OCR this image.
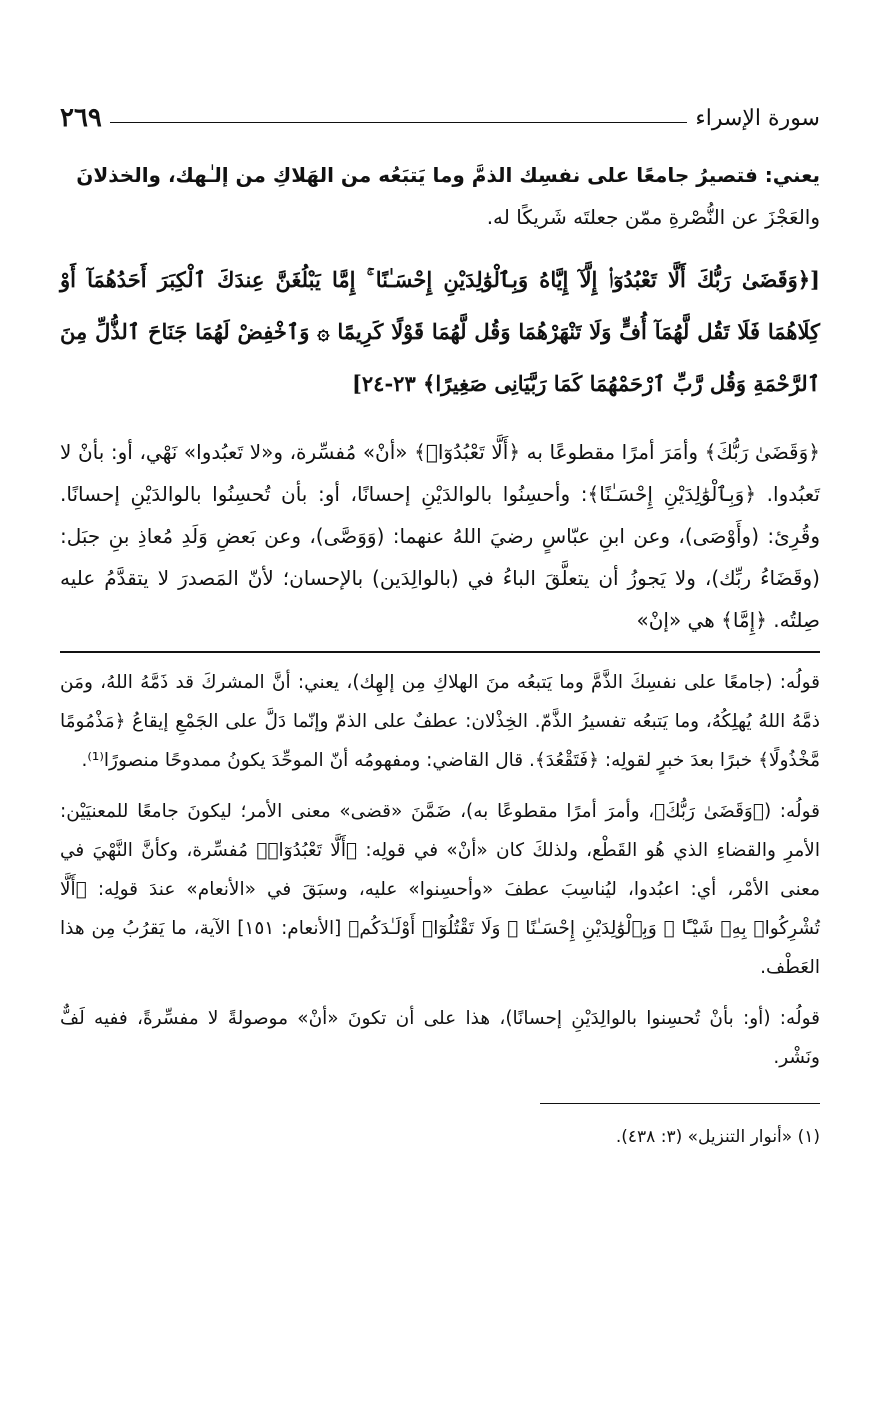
سورة الإسراء
٢٦٩

يعني: فتصيرُ جامعًا على نفسِك الذمَّ وما يَتبَعُه من الهَلاكِ من إلـٰهك، والخذلانَ
والعَجْزَ عن النُّصْرةِ ممّن جعلتَه شَريكًا له.

[﴿وَقَضَىٰ رَبُّكَ أَلَّا تَعْبُدُوٓا۟ إِلَّآ إِيَّاهُ وَبِٱلْوَٰلِدَيْنِ إِحْسَـٰنًا ۚ إِمَّا يَبْلُغَنَّ عِندَكَ ٱلْكِبَرَ أَحَدُهُمَآ أَوْ كِلَاهُمَا فَلَا تَقُل لَّهُمَآ أُفٍّ وَلَا تَنْهَرْهُمَا وَقُل لَّهُمَا قَوْلًا كَرِيمًا ۞ وَٱخْفِضْ لَهُمَا جَنَاحَ ٱلذُّلِّ مِنَ ٱلرَّحْمَةِ وَقُل رَّبِّ ٱرْحَمْهُمَا كَمَا رَبَّيَانِى صَغِيرًا﴾ ٢٣-٢٤]

﴿وَقَضَىٰ رَبُّكَ﴾ وأمَرَ أمرًا مقطوعًا به ﴿أَلَّا تَعْبُدُوٓا۟﴾ «أنْ» مُفسِّرة، و«لا تَعبُدوا» نَهْي، أو: بأنْ لا تَعبُدوا. ﴿وَبِٱلْوَٰلِدَيْنِ إِحْسَـٰنًا﴾: وأحسِنُوا بالوالدَيْنِ إحسانًا، أو: بأن تُحسِنُوا بالوالدَيْنِ إحسانًا. وقُرِئ: (وأَوْصَى)، وعن ابنِ عبّاسٍ رضيَ اللهُ عنهما: (وَوَصَّى)، وعن بَعضِ وَلَدِ مُعاذِ بنِ جبَل: (وقَضَاءُ ربِّك)، ولا يَجوزُ أن يتعلَّقَ الباءُ في (بالوالِدَين) بالإحسان؛ لأنّ المَصدرَ لا يتقدَّمُ عليه صِلتُه. ﴿إِمَّا﴾ هي «إنْ»

قولُه: (جامعًا على نفسِكَ الذَّمَّ وما يَتبعُه منَ الهلاكِ مِن إلهِك)، يعني: أنَّ المشركَ قد ذَمَّهُ اللهُ، ومَن ذمَّهُ اللهُ يُهلِكُهُ، وما يَتبعُه تفسيرُ الذَّمّ. الخِذْلان: عطفٌ على الذمّ وإنّما دَلَّ على الجَمْعِ إيقاعُ ﴿مَذْمُومًا مَّخْذُولًا﴾ خبرًا بعدَ خبرٍ لقولِه: ﴿فَتَقْعُدَ﴾. قال القاضي: ومفهومُه أنّ الموحِّدَ يكونُ ممدوحًا منصورًا⁽¹⁾.

قولُه: (﴿وَقَضَىٰ رَبُّكَ﴾، وأمرَ أمرًا مقطوعًا به)، ضَمَّنَ «قضى» معنى الأمر؛ ليكونَ جامعًا للمعنيَيْن: الأمرِ والقضاءِ الذي هُو القَطْع، ولذلكَ كان «أنْ» في قولِه: ﴿أَلَّا تَعْبُدُوٓا۟﴾ مُفسِّرة، وكأنَّ النَّهْيَ في معنى الأمْر، أي: اعبُدوا، ليُناسِبَ عطفَ «وأحسِنوا» عليه، وسبَقَ في «الأنعام» عندَ قولِه: ﴿أَلَّا تُشْرِكُوا۟ بِهِۦ شَيْـًٔا ۖ وَبِٱلْوَٰلِدَيْنِ إِحْسَـٰنًا ۖ وَلَا تَقْتُلُوٓا۟ أَوْلَـٰدَكُم﴾ [الأنعام: ١٥١] الآية، ما يَقرُبُ مِن هذا العَطْف.

قولُه: (أو: بأنْ تُحسِنوا بالوالِدَيْنِ إحسانًا)، هذا على أن تكونَ «أنْ» موصولةً لا مفسِّرةً، ففيه لَفٌّ ونَشْر.

(١) «أنوار التنزيل» (٣: ٤٣٨).
